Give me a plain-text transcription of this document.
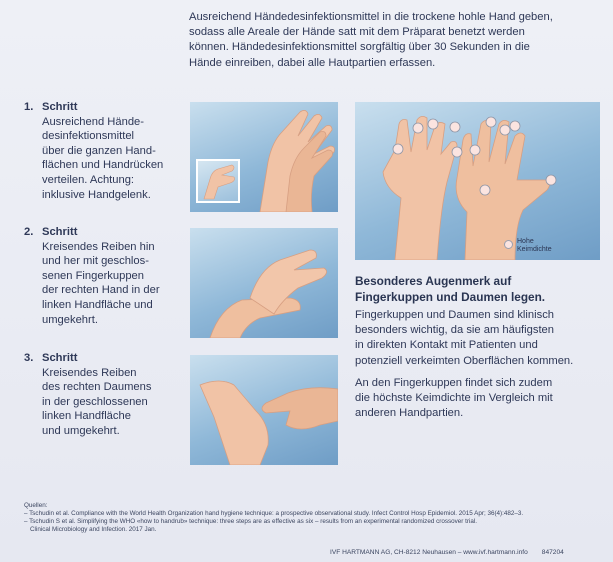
Ausreichend Händedesinfektionsmittel in die trockene hohle Hand geben,
sodass alle Areale der Hände satt mit dem Präparat benetzt werden
können. Händedesinfektionsmittel sorgfältig über 30 Sekunden in die
Hände einreiben, dabei alle Hautpartien erfassen.
1. Schritt
Ausreichend Hände-
desinfektionsmittel
über die ganzen Hand-
flächen und Handrücken
verteilen. Achtung:
inklusive Handgelenk.
2. Schritt
Kreisendes Reiben hin
und her mit geschlos-
senen Fingerkuppen
der rechten Hand in der
linken Handfläche und
umgekehrt.
3. Schritt
Kreisendes Reiben
des rechten Daumens
in der geschlossenen
linken Handfläche
und umgekehrt.
Hohe
Keimdichte
Besonderes Augenmerk auf
Fingerkuppen und Daumen legen.
Fingerkuppen und Daumen sind klinisch
besonders wichtig, da sie am häufigsten
in direkten Kontakt mit Patienten und
potenziell verkeimten Oberflächen kommen.
An den Fingerkuppen findet sich zudem
die höchste Keimdichte im Vergleich mit
anderen Handpartien.
Quellen:
– Tschudin et al. Compliance with the World Health Organization hand hygiene technique: a prospective observational study. Infect Control Hosp Epidemiol. 2015 Apr; 36(4):482–3.
– Tschudin S et al. Simplifying the WHO «how to handrub» technique: three steps are as effective as six – results from an experimental randomized crossover trial.
Clinical Microbiology and Infection. 2017 Jan.
IVF HARTMANN AG, CH-8212 Neuhausen – www.ivf.hartmann.info 847204
